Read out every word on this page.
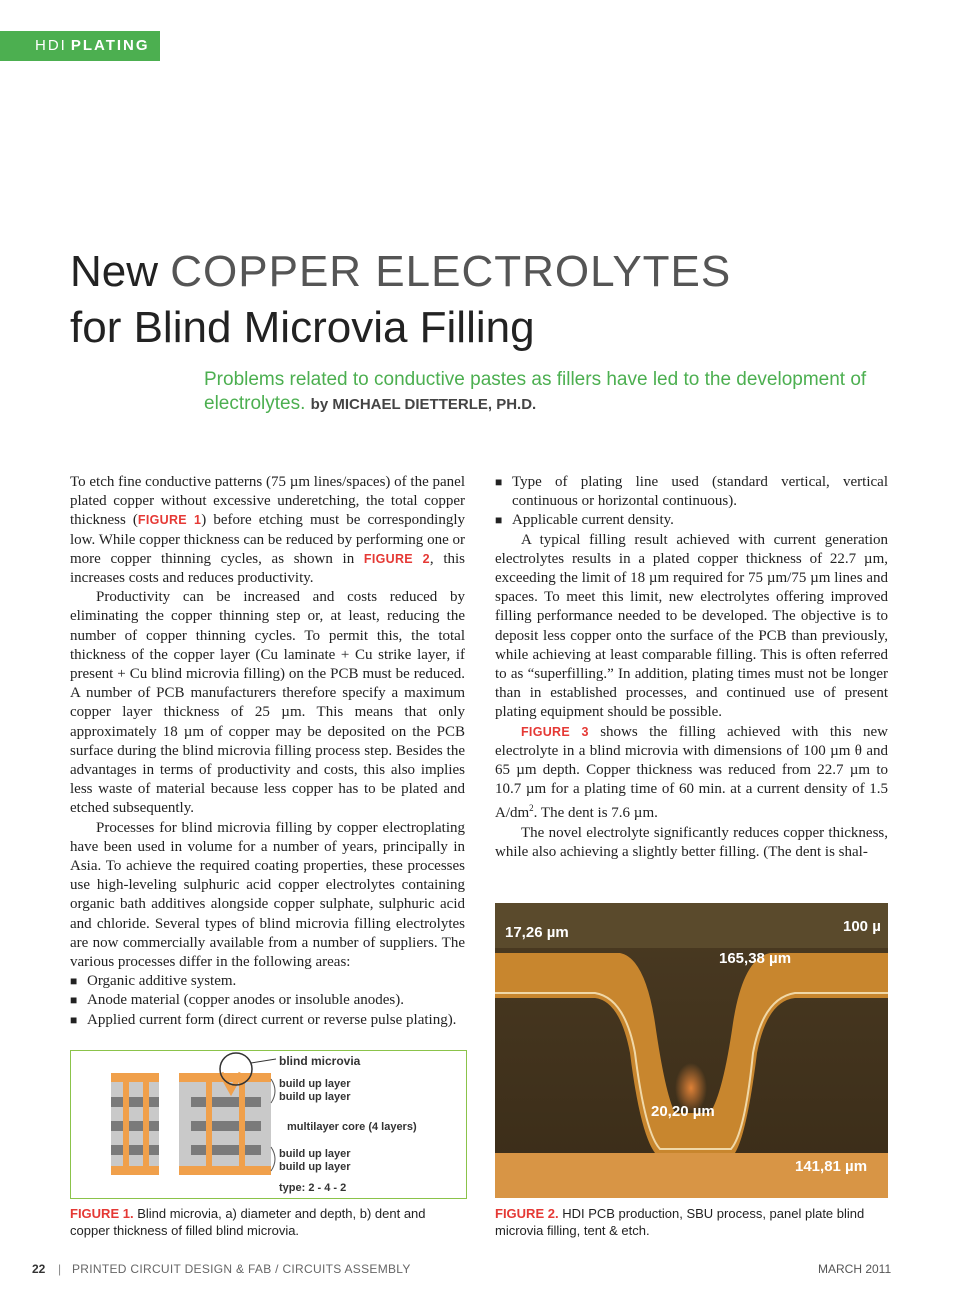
HDI PLATING
New COPPER ELECTROLYTES
for Blind Microvia Filling
Problems related to conductive pastes as fillers have led to the development of electrolytes. by MICHAEL DIETTERLE, PH.D.

To etch fine conductive patterns (75 µm lines/spaces) of the panel plated copper without excessive underetching, the total copper thickness (FIGURE 1) before etching must be correspondingly low. While copper thickness can be reduced by performing one or more copper thinning cycles, as shown in FIGURE 2, this increases costs and reduces productivity.

Productivity can be increased and costs reduced by eliminating the copper thinning step or, at least, reducing the number of copper thinning cycles. To permit this, the total thickness of the copper layer (Cu laminate + Cu strike layer, if present + Cu blind microvia filling) on the PCB must be reduced. A number of PCB manufacturers therefore specify a maximum copper layer thickness of 25 µm. This means that only approximately 18 µm of copper may be deposited on the PCB surface during the blind microvia filling process step. Besides the advantages in terms of productivity and costs, this also implies less waste of material because less copper has to be plated and etched subsequently.

Processes for blind microvia filling by copper electroplating have been used in volume for a number of years, principally in Asia. To achieve the required coating properties, these processes use high-leveling sulphuric acid copper electrolytes containing organic bath additives alongside copper sulphate, sulphuric acid and chloride. Several types of blind microvia filling electrolytes are now commercially available from a number of suppliers. The various processes differ in the following areas:

■ Organic additive system.

■ Anode material (copper anodes or insoluble anodes).

■ Applied current form (direct current or reverse pulse plating).

■ Type of plating line used (standard vertical, vertical continuous or horizontal continuous).

■ Applicable current density.

A typical filling result achieved with current generation electrolytes results in a plated copper thickness of 22.7 µm, exceeding the limit of 18 µm required for 75 µm/75 µm lines and spaces. To meet this limit, new electrolytes offering improved filling performance needed to be developed. The objective is to deposit less copper onto the surface of the PCB than previously, while achieving at least comparable filling. This is often referred to as “superfilling.” In addition, plating times must not be longer than in established processes, and continued use of present plating equipment should be possible.

FIGURE 3 shows the filling achieved with this new electrolyte in a blind microvia with dimensions of 100 µm θ and 65 µm depth. Copper thickness was reduced from 22.7 µm to 10.7 µm for a plating time of 60 min. at a current density of 1.5 $A/dm^2$. The dent is 7.6 µm.

The novel electrolyte significantly reduces copper thickness, while also achieving a slightly better filling. (The dent is shal-

blind microvia
build up layer
build up layer
multilayer core (4 layers)
build up layer
build up layer
type: 2 - 4 - 2
17,26 µm	100 µ
165,38 µm
20,20 µm
141,81 µm
FIGURE 1. Blind microvia, a) diameter and depth, b) dent and copper thickness of filled blind microvia.
FIGURE 2. HDI PCB production, SBU process, panel plate blind microvia filling, tent & etch.
22 | PRINTED CIRCUIT DESIGN & FAB / CIRCUITS ASSEMBLY	MARCH 2011
